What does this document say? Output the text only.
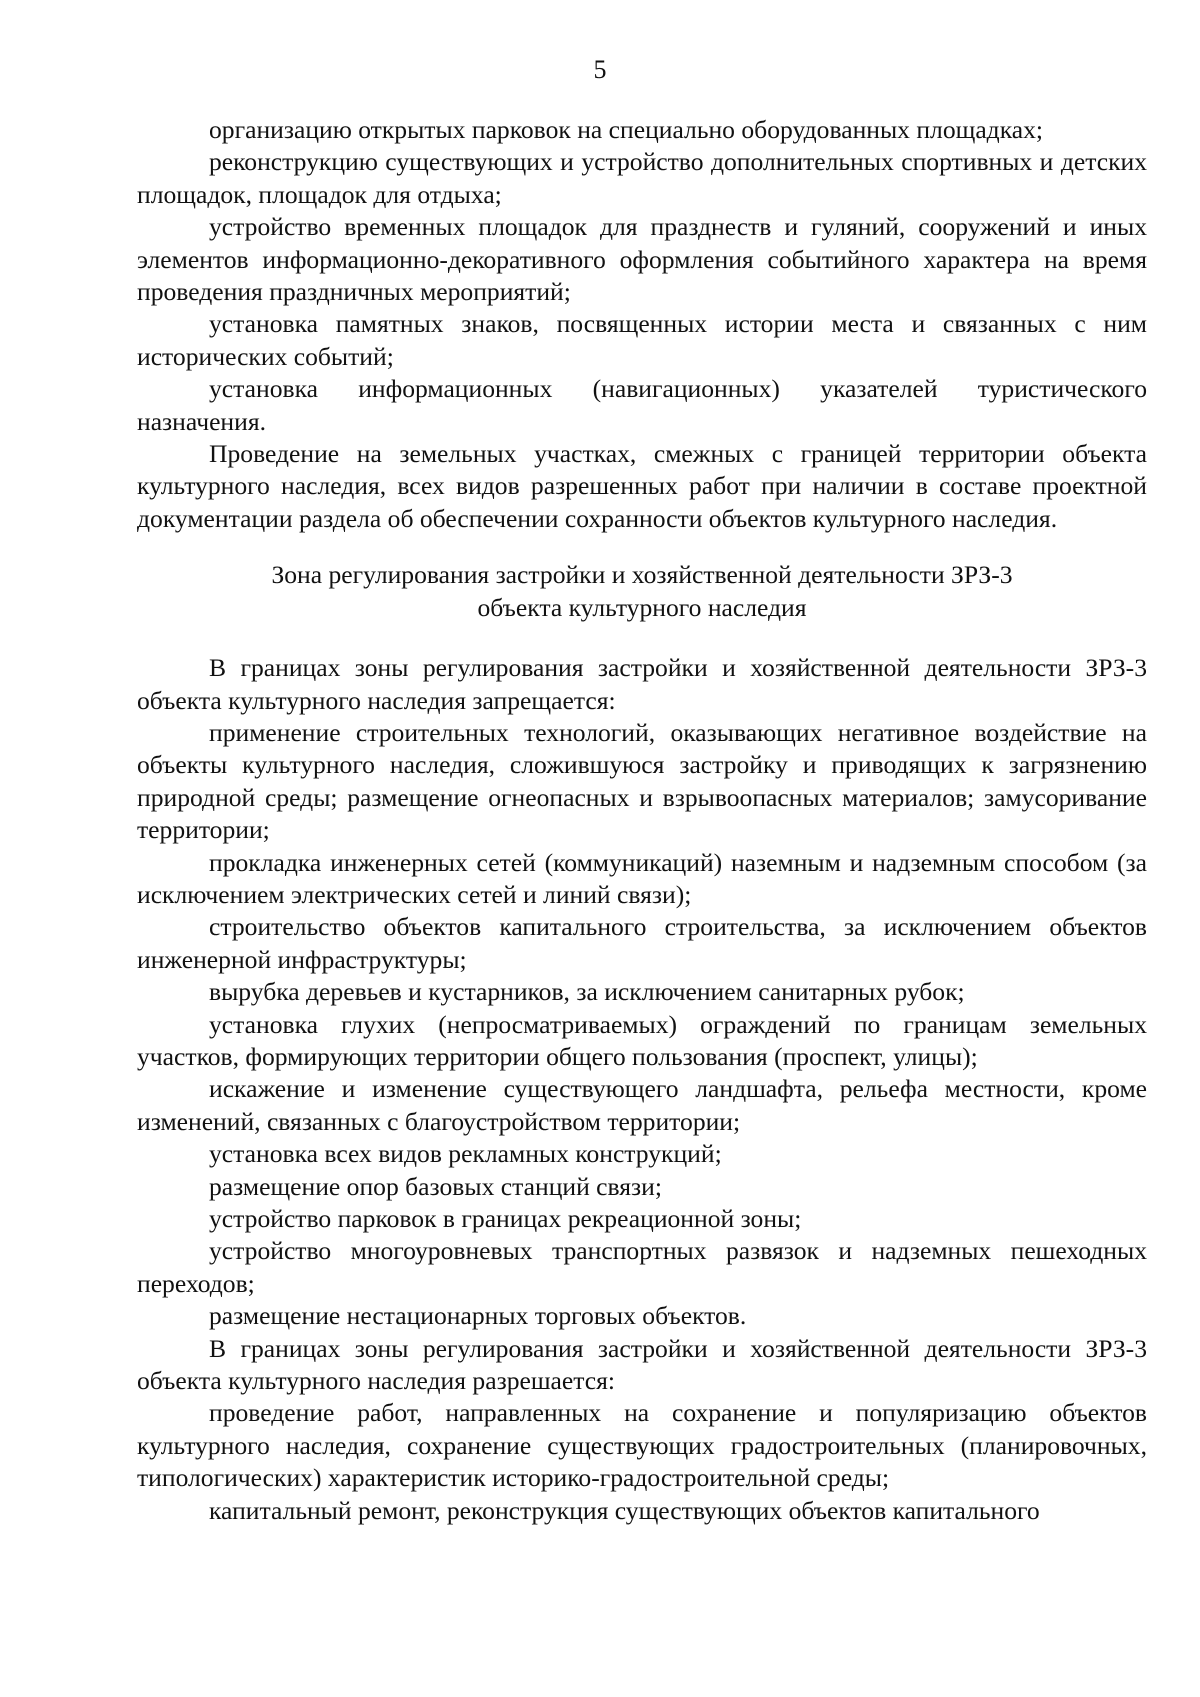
5

организацию открытых парковок на специально оборудованных площадках;

реконструкцию существующих и устройство дополнительных спортивных и детских площадок, площадок для отдыха;

устройство временных площадок для празднеств и гуляний, сооружений и иных элементов информационно-декоративного оформления событийного характера на время проведения праздничных мероприятий;

установка памятных знаков, посвященных истории места и связанных с ним исторических событий;

установка информационных (навигационных) указателей туристического назначения.

Проведение на земельных участках, смежных с границей территории объекта культурного наследия, всех видов разрешенных работ при наличии в составе проектной документации раздела об обеспечении сохранности объектов культурного наследия.

Зона регулирования застройки и хозяйственной деятельности ЗРЗ-3
объекта культурного наследия

В границах зоны регулирования застройки и хозяйственной деятельности ЗРЗ-3 объекта культурного наследия запрещается:

применение строительных технологий, оказывающих негативное воздействие на объекты культурного наследия, сложившуюся застройку и приводящих к загрязнению природной среды; размещение огнеопасных и взрывоопасных материалов; замусоривание территории;

прокладка инженерных сетей (коммуникаций) наземным и надземным способом (за исключением электрических сетей и линий связи);

строительство объектов капитального строительства, за исключением объектов инженерной инфраструктуры;

вырубка деревьев и кустарников, за исключением санитарных рубок;

установка глухих (непросматриваемых) ограждений по границам земельных участков, формирующих территории общего пользования (проспект, улицы);

искажение и изменение существующего ландшафта, рельефа местности, кроме изменений, связанных с благоустройством территории;

установка всех видов рекламных конструкций;

размещение опор базовых станций связи;

устройство парковок в границах рекреационной зоны;

устройство многоуровневых транспортных развязок и надземных пешеходных переходов;

размещение нестационарных торговых объектов.

В границах зоны регулирования застройки и хозяйственной деятельности ЗРЗ-3 объекта культурного наследия разрешается:

проведение работ, направленных на сохранение и популяризацию объектов культурного наследия, сохранение существующих градостроительных (планировочных, типологических) характеристик историко-градостроительной среды;

капитальный ремонт, реконструкция существующих объектов капитального
